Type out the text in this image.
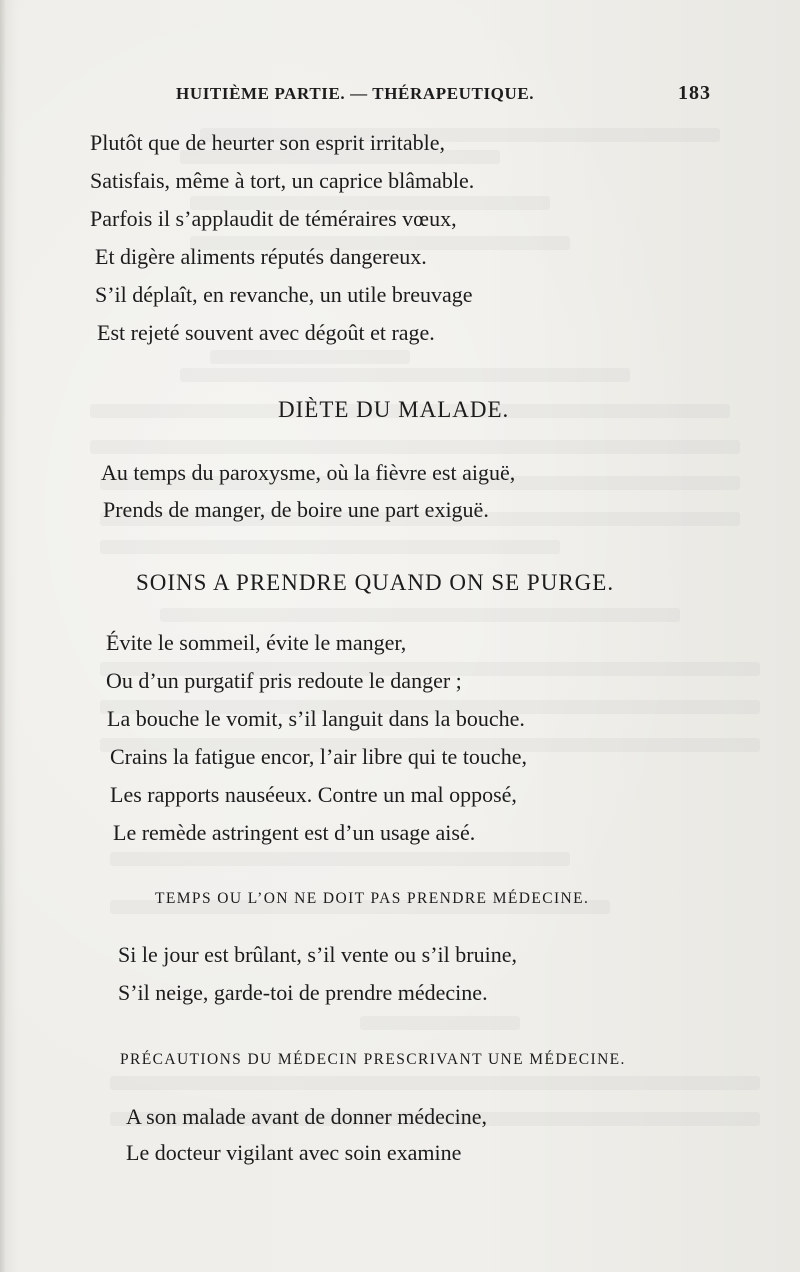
HUITIÈME PARTIE. — THÉRAPEUTIQUE.	183
Plutôt que de heurter son esprit irritable,
Satisfais, même à tort, un caprice blâmable.
Parfois il s’applaudit de téméraires vœux,
Et digère aliments réputés dangereux.
S’il déplaît, en revanche, un utile breuvage
Est rejeté souvent avec dégoût et rage.
DIÈTE DU MALADE.
Au temps du paroxysme, où la fièvre est aiguë,
Prends de manger, de boire une part exiguë.
SOINS A PRENDRE QUAND ON SE PURGE.
Évite le sommeil, évite le manger,
Ou d’un purgatif pris redoute le danger ;
La bouche le vomit, s’il languit dans la bouche.
Crains la fatigue encor, l’air libre qui te touche,
Les rapports nauséeux. Contre un mal opposé,
Le remède astringent est d’un usage aisé.
TEMPS OU L’ON NE DOIT PAS PRENDRE MÉDECINE.
Si le jour est brûlant, s’il vente ou s’il bruine,
S’il neige, garde-toi de prendre médecine.
PRÉCAUTIONS DU MÉDECIN PRESCRIVANT UNE MÉDECINE.
A son malade avant de donner médecine,
Le docteur vigilant avec soin examine
